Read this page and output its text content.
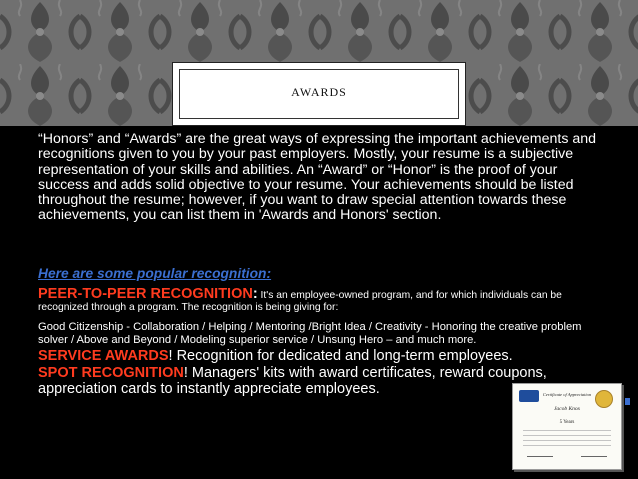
AWARDS

“Honors” and “Awards” are the great ways of expressing the important achievements and recognitions given to you by your past employers. Mostly, your resume is a subjective representation of your skills and abilities. An “Award” or “Honor” is the proof of your success and adds solid objective to your resume. Your achievements should be listed throughout the resume; however, if you want to draw special attention towards these achievements, you can list them in 'Awards and Honors' section.

Here are some popular recognition:

PEER-TO-PEER RECOGNITION: It's an employee-owned program, and for which individuals can be recognized through a program. The recognition is being giving for:

Good Citizenship - Collaboration / Helping / Mentoring /Bright Idea / Creativity - Honoring the creative problem solver / Above and Beyond / Modeling superior service / Unsung Hero – and much more.

SERVICE AWARDS! Recognition for dedicated and long-term employees.

SPOT RECOGNITION! Managers' kits with award certificates, reward coupons, appreciation cards to instantly appreciate employees.	Certificate of Appreciation
Jacob Knox
5 Years
